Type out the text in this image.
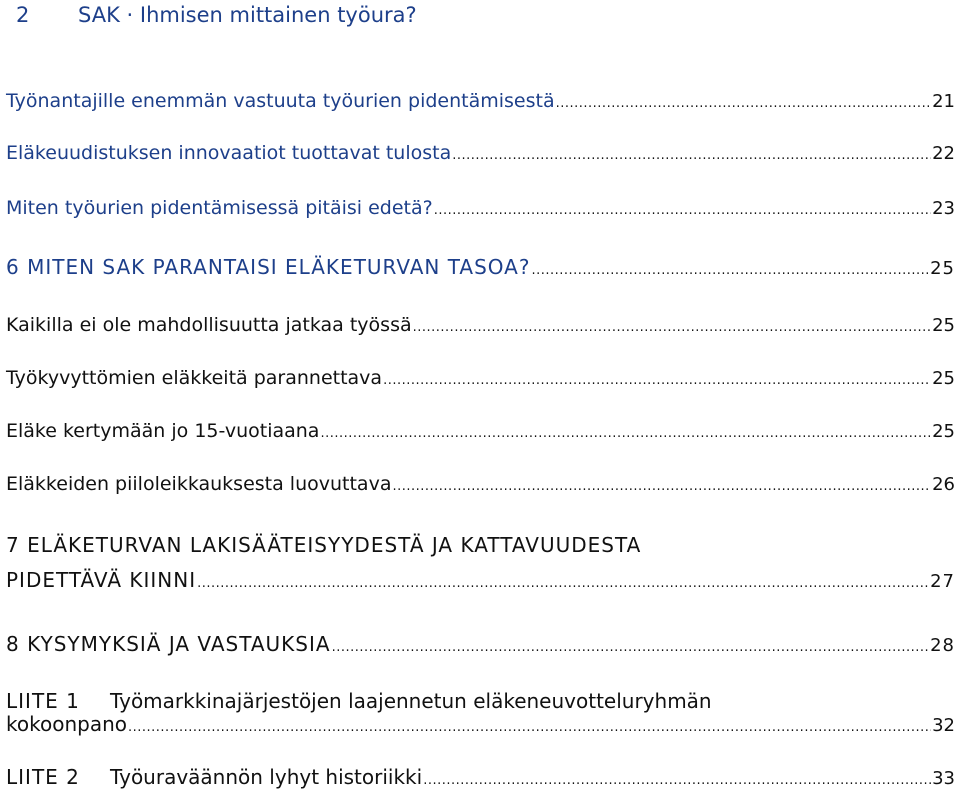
2 SAK · Ihmisen mittainen työura?
Työnantajille enemmän vastuuta työurien pidentämisestä .....	21
Eläkeuudistuksen innovaatiot tuottavat tulosta .....	22
Miten työurien pidentämisessä pitäisi edetä? .....	23
6 MITEN SAK PARANTAISI ELÄKETURVAN TASOA? .....	25
Kaikilla ei ole mahdollisuutta jatkaa työssä .....	25
Työkyvyttömien eläkkeitä parannettava .....	25
Eläke kertymään jo 15-vuotiaana .....	25
Eläkkeiden piiloleikkauksesta luovuttava .....	26
7 ELÄKETURVAN LAKISÄÄTEISYYDESTÄ JA KATTAVUUDESTA
PIDETTÄVÄ KIINNI .....	27
8 KYSYMYKSIÄ JA VASTAUKSIA .....	28
LIITE 1 Työmarkkinajärjestöjen laajennetun eläkeneuvotteluryhmän
kokoonpano .....	32
LIITE 2 Työuraväännön lyhyt historiikki .....	33
